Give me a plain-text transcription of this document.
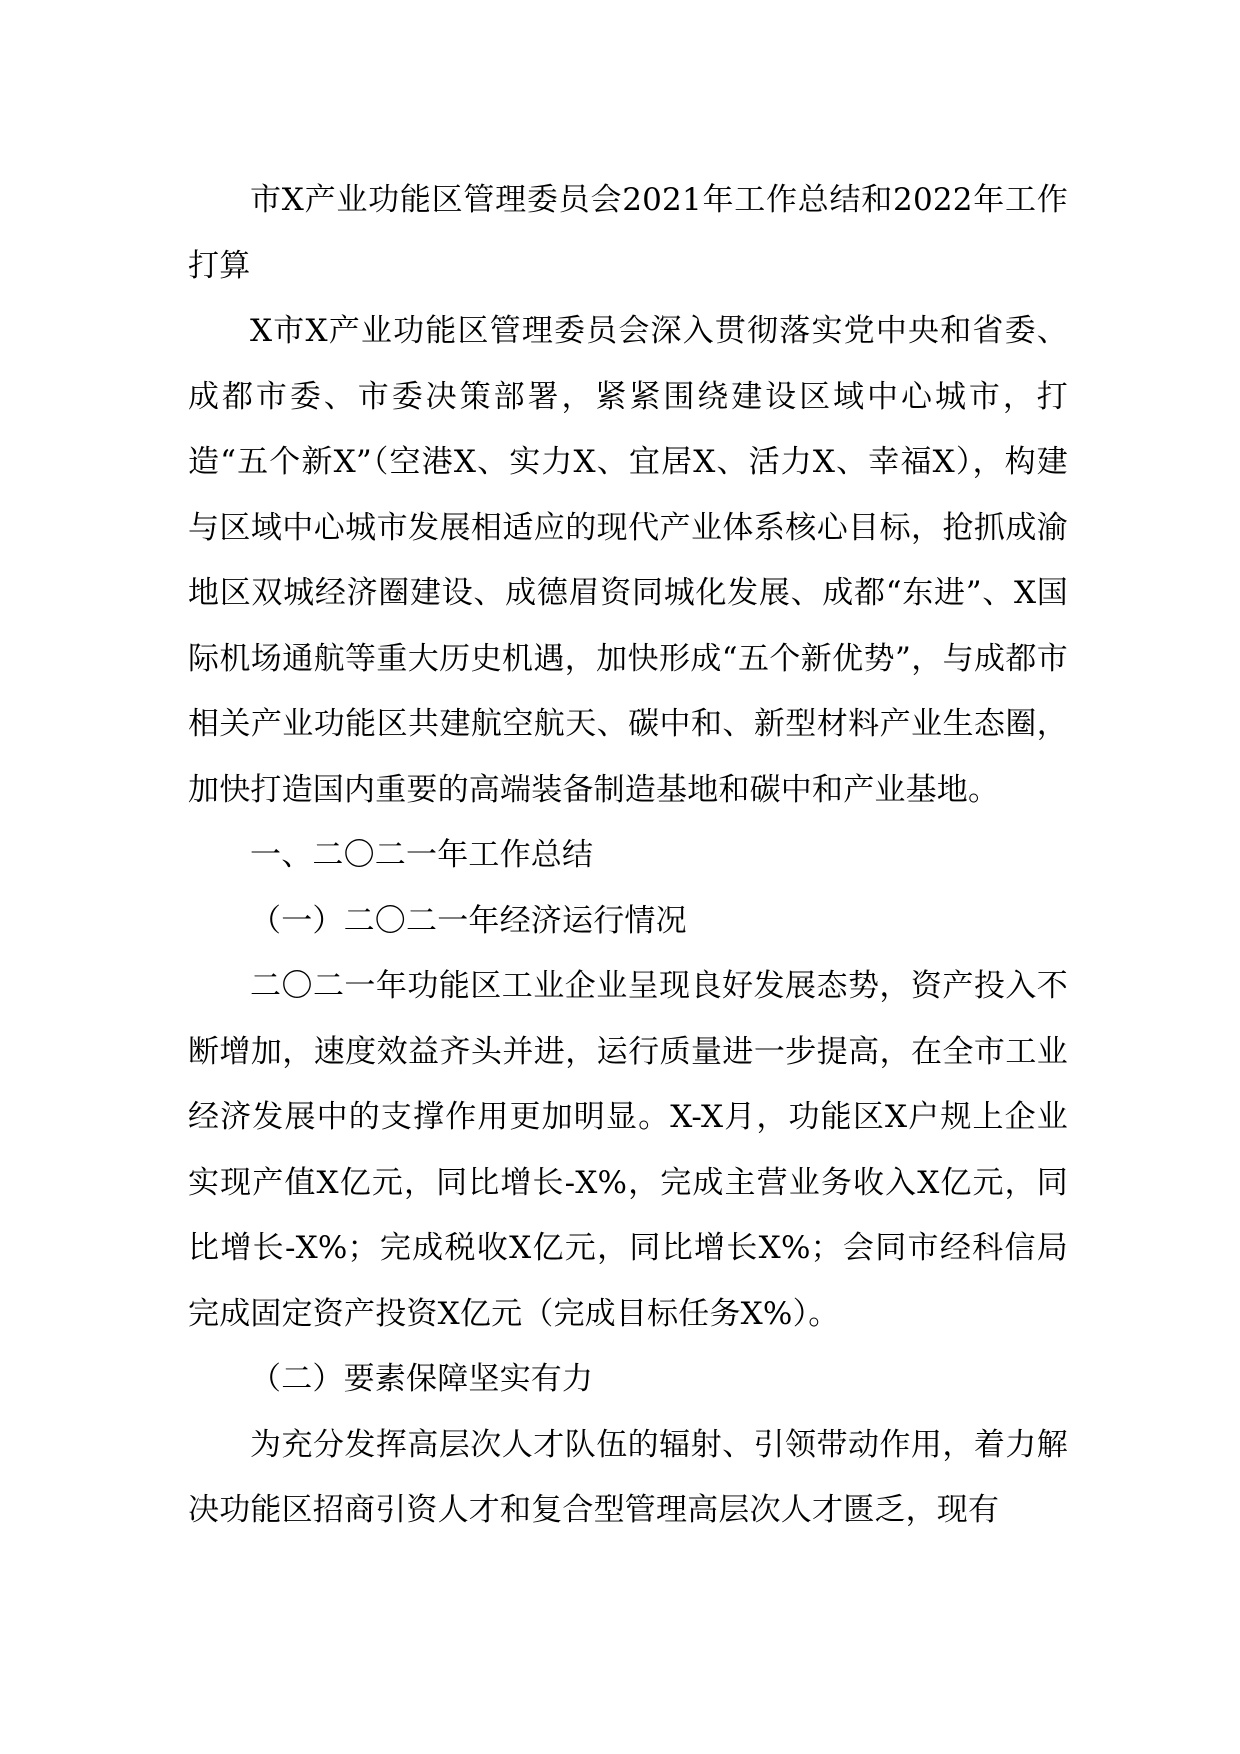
市X产业功能区管理委员会2021年工作总结和2022年工作打算

X市X产业功能区管理委员会深入贯彻落实党中央和省委、成都市委、市委决策部署，紧紧围绕建设区域中心城市，打造“五个新X”（空港X、实力X、宜居X、活力X、幸福X），构建与区域中心城市发展相适应的现代产业体系核心目标，抢抓成渝地区双城经济圈建设、成德眉资同城化发展、成都“东进”、X国际机场通航等重大历史机遇，加快形成“五个新优势”，与成都市相关产业功能区共建航空航天、碳中和、新型材料产业生态圈，加快打造国内重要的高端装备制造基地和碳中和产业基地。

一、二〇二一年工作总结

（一）二〇二一年经济运行情况

二〇二一年功能区工业企业呈现良好发展态势，资产投入不断增加，速度效益齐头并进，运行质量进一步提高，在全市工业经济发展中的支撑作用更加明显。X-X月，功能区X户规上企业实现产值X亿元，同比增长-X%，完成主营业务收入X亿元，同比增长-X%；完成税收X亿元，同比增长X%；会同市经科信局完成固定资产投资X亿元（完成目标任务X%）。

（二）要素保障坚实有力

为充分发挥高层次人才队伍的辐射、引领带动作用，着力解决功能区招商引资人才和复合型管理高层次人才匮乏，现有
